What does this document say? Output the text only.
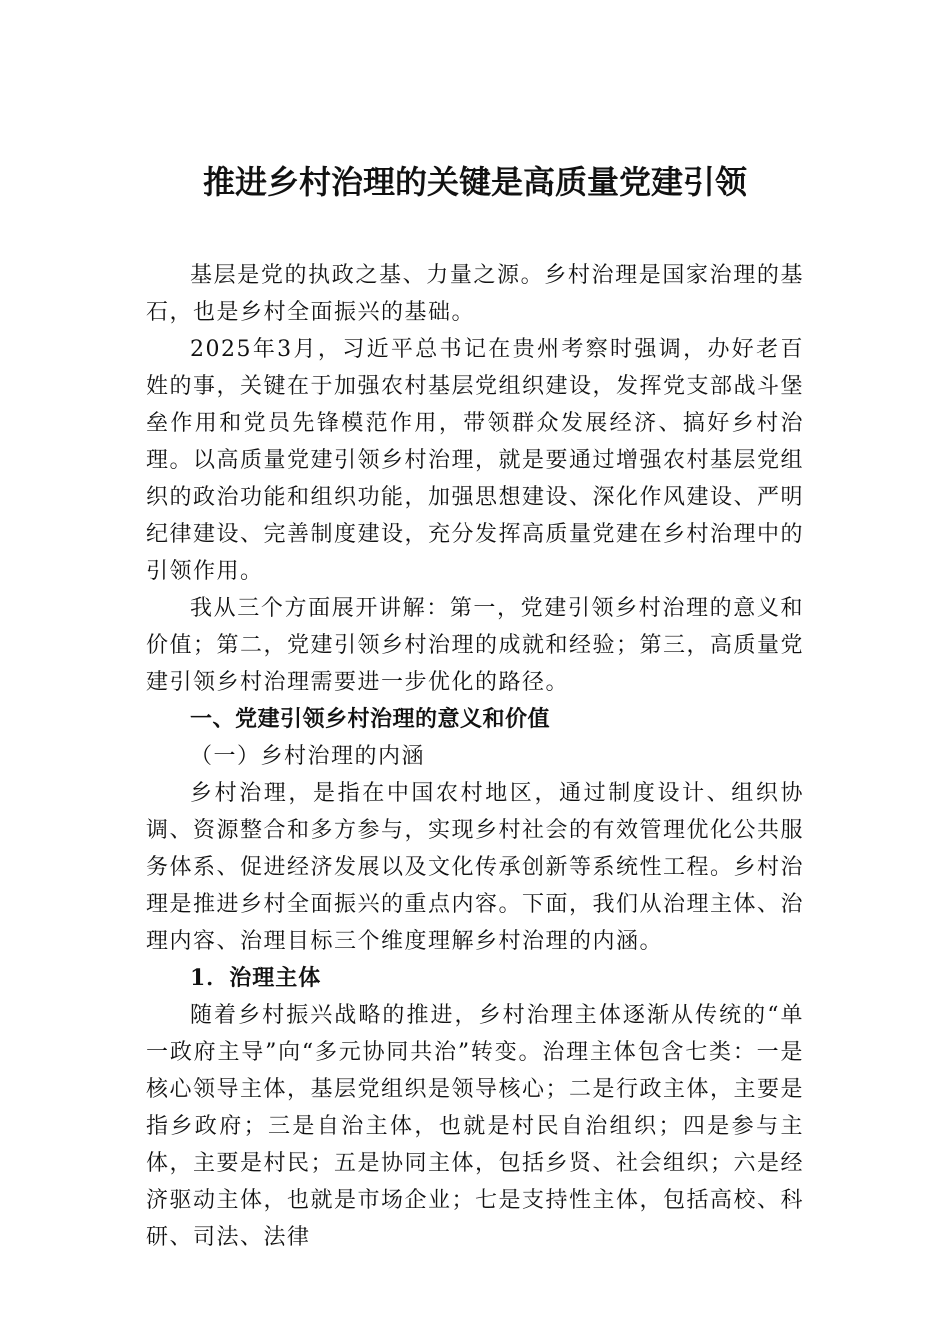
推进乡村治理的关键是高质量党建引领

基层是党的执政之基、力量之源。乡村治理是国家治理的基石，也是乡村全面振兴的基础。

2025年3月，习近平总书记在贵州考察时强调，办好老百姓的事，关键在于加强农村基层党组织建设，发挥党支部战斗堡垒作用和党员先锋模范作用，带领群众发展经济、搞好乡村治理。以高质量党建引领乡村治理，就是要通过增强农村基层党组织的政治功能和组织功能，加强思想建设、深化作风建设、严明纪律建设、完善制度建设，充分发挥高质量党建在乡村治理中的引领作用。

我从三个方面展开讲解：第一，党建引领乡村治理的意义和价值；第二，党建引领乡村治理的成就和经验；第三，高质量党建引领乡村治理需要进一步优化的路径。

一、党建引领乡村治理的意义和价值

（一）乡村治理的内涵

乡村治理，是指在中国农村地区，通过制度设计、组织协调、资源整合和多方参与，实现乡村社会的有效管理优化公共服务体系、促进经济发展以及文化传承创新等系统性工程。乡村治理是推进乡村全面振兴的重点内容。下面，我们从治理主体、治理内容、治理目标三个维度理解乡村治理的内涵。

1．治理主体

随着乡村振兴战略的推进，乡村治理主体逐渐从传统的“单一政府主导”向“多元协同共治”转变。治理主体包含七类：一是核心领导主体，基层党组织是领导核心；二是行政主体，主要是指乡政府；三是自治主体，也就是村民自治组织；四是参与主体，主要是村民；五是协同主体，包括乡贤、社会组织；六是经济驱动主体，也就是市场企业；七是支持性主体，包括高校、科研、司法、法律
